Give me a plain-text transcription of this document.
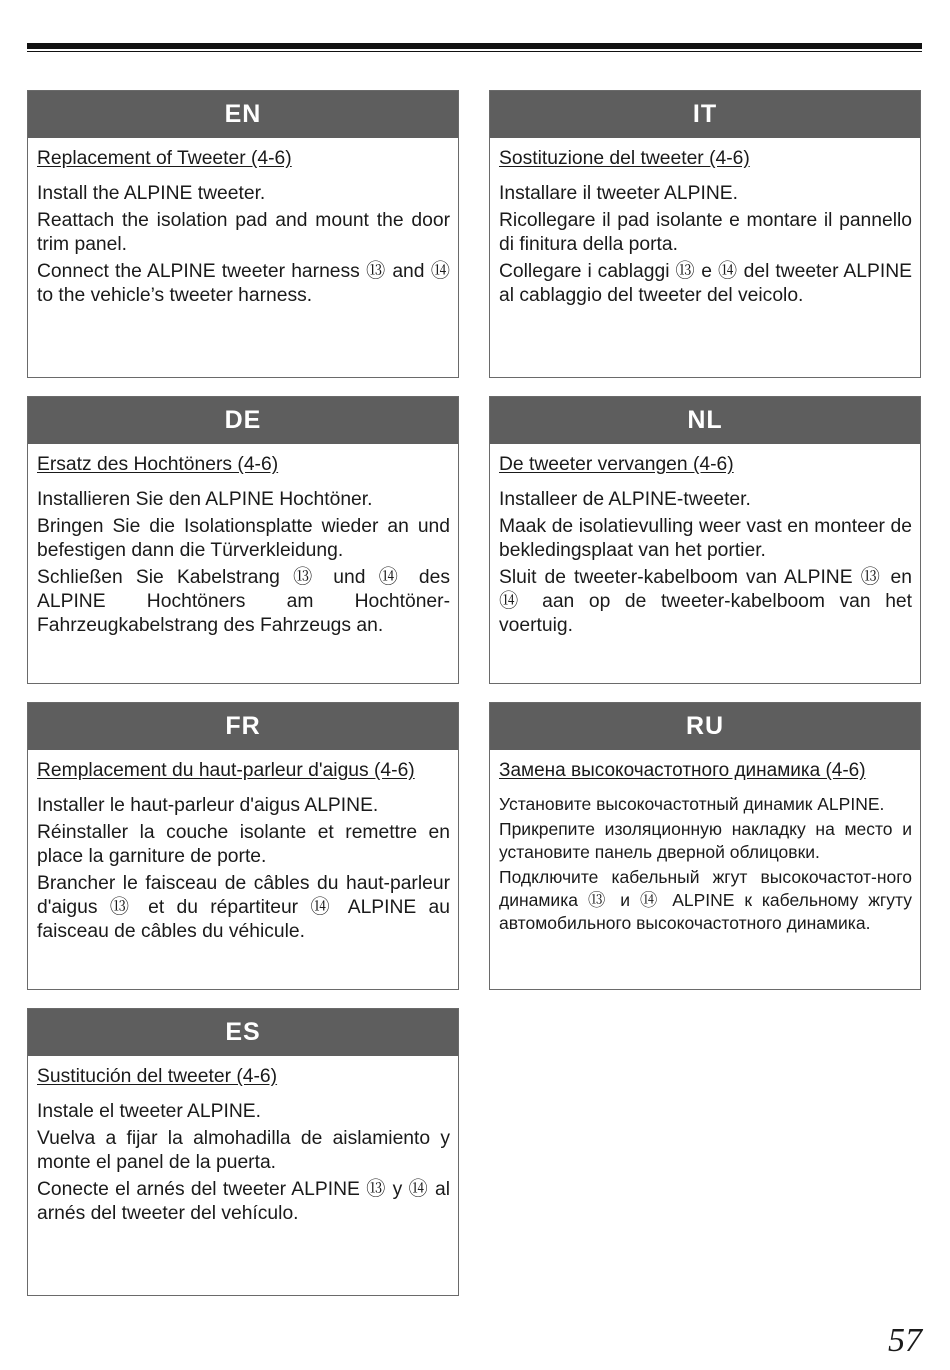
EN
Replacement of Tweeter (4-6)
Install the ALPINE tweeter.
Reattach the isolation pad and mount the door trim panel.
Connect the ALPINE tweeter harness ⑬ and ⑭ to the vehicle’s tweeter harness.
IT
Sostituzione del tweeter (4-6)
Installare il tweeter ALPINE.
Ricollegare il pad isolante e montare il pannello di finitura della porta.
Collegare i cablaggi ⑬ e ⑭ del tweeter ALPINE al cablaggio del tweeter del veicolo.
DE
Ersatz des Hochtöners (4-6)
Installieren Sie den ALPINE Hochtöner.
Bringen Sie die Isolationsplatte wieder an und befestigen dann die Türverkleidung.
Schließen Sie Kabelstrang ⑬ und ⑭ des ALPINE Hochtöners am Hochtöner-Fahrzeugkabelstrang des Fahrzeugs an.
NL
De tweeter vervangen (4-6)
Installeer de ALPINE-tweeter.
Maak de isolatievulling weer vast en monteer de bekledingsplaat van het portier.
Sluit de tweeter-kabelboom van ALPINE ⑬ en ⑭ aan op de tweeter-kabelboom van het voertuig.
FR
Remplacement du haut-parleur d'aigus (4-6)
Installer le haut-parleur d'aigus ALPINE.
Réinstaller la couche isolante et remettre en place la garniture de porte.
Brancher le faisceau de câbles du haut-parleur d'aigus ⑬ et du répartiteur ⑭ ALPINE au faisceau de câbles du véhicule.
RU
Замена высокочастотного динамика (4-6)
Установите высокочастотный динамик ALPINE.
Прикрепите изоляционную накладку на место и установите панель дверной облицовки.
Подключите кабельный жгут высокочастот-ного динамика ⑬ и ⑭ ALPINE к кабельному жгуту автомобильного высокочастотного динамика.
ES
Sustitución del tweeter (4-6)
Instale el tweeter ALPINE.
Vuelva a fijar la almohadilla de aislamiento y monte el panel de la puerta.
Conecte el arnés del tweeter ALPINE ⑬ y ⑭ al arnés del tweeter del vehículo.
57
